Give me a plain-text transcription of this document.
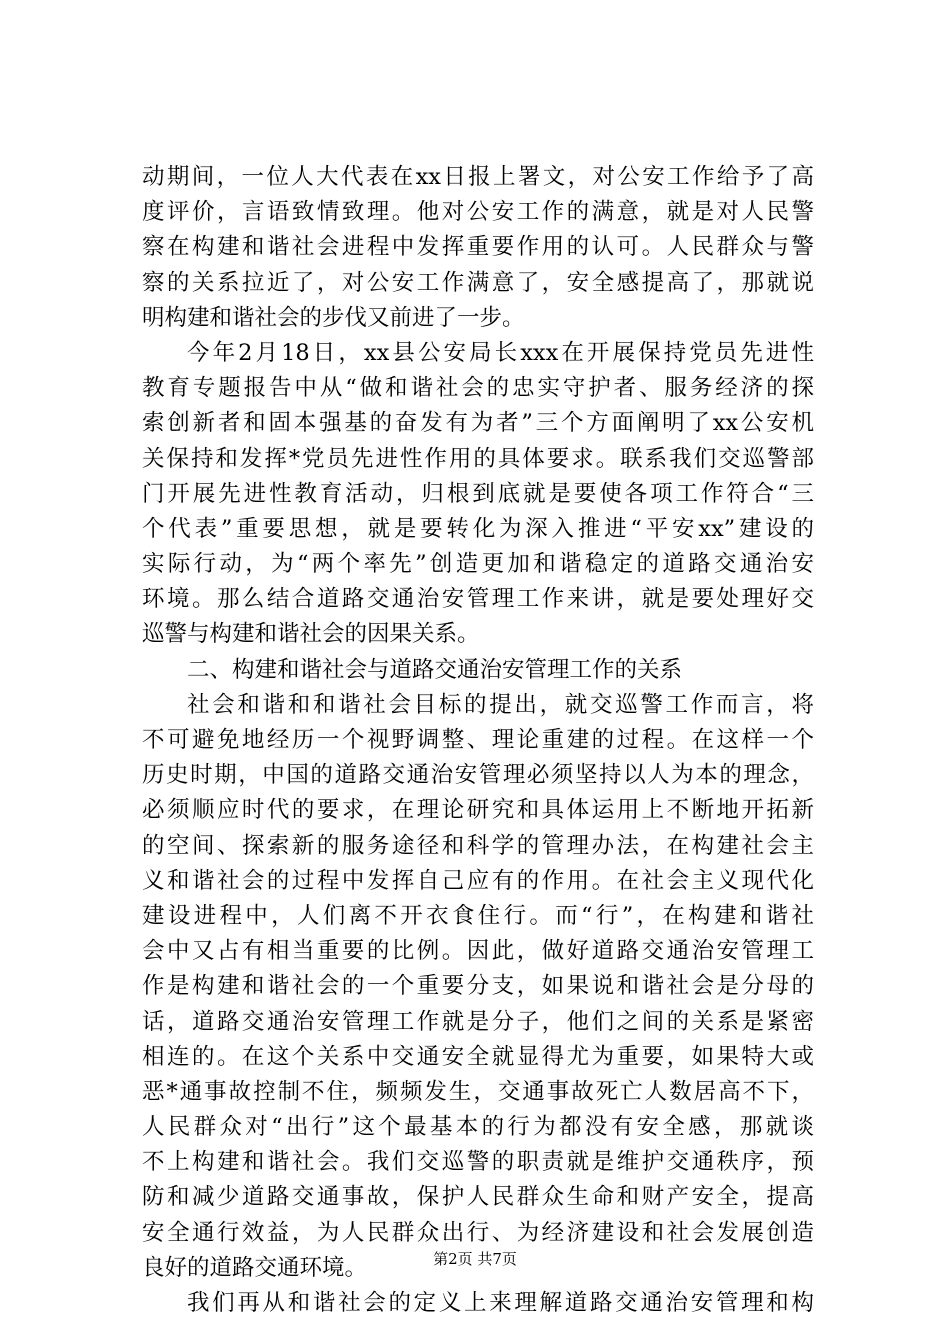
动期间，一位人大代表在xx日报上署文，对公安工作给予了高
度评价，言语致情致理。他对公安工作的满意，就是对人民警
察在构建和谐社会进程中发挥重要作用的认可。人民群众与警
察的关系拉近了，对公安工作满意了，安全感提高了，那就说
明构建和谐社会的步伐又前进了一步。
今年2月18日，xx县公安局长xxx在开展保持党员先进性
教育专题报告中从“做和谐社会的忠实守护者、服务经济的探
索创新者和固本强基的奋发有为者”三个方面阐明了xx公安机
关保持和发挥*党员先进性作用的具体要求。联系我们交巡警部
门开展先进性教育活动，归根到底就是要使各项工作符合“三
个代表”重要思想，就是要转化为深入推进“平安xx”建设的
实际行动，为“两个率先”创造更加和谐稳定的道路交通治安
环境。那么结合道路交通治安管理工作来讲，就是要处理好交
巡警与构建和谐社会的因果关系。
二、构建和谐社会与道路交通治安管理工作的关系
社会和谐和和谐社会目标的提出，就交巡警工作而言，将
不可避免地经历一个视野调整、理论重建的过程。在这样一个
历史时期，中国的道路交通治安管理必须坚持以人为本的理念，
必须顺应时代的要求，在理论研究和具体运用上不断地开拓新
的空间、探索新的服务途径和科学的管理办法，在构建社会主
义和谐社会的过程中发挥自己应有的作用。在社会主义现代化
建设进程中，人们离不开衣食住行。而“行”，在构建和谐社
会中又占有相当重要的比例。因此，做好道路交通治安管理工
作是构建和谐社会的一个重要分支，如果说和谐社会是分母的
话，道路交通治安管理工作就是分子，他们之间的关系是紧密
相连的。在这个关系中交通安全就显得尤为重要，如果特大或
恶*通事故控制不住，频频发生，交通事故死亡人数居高不下，
人民群众对“出行”这个最基本的行为都没有安全感，那就谈
不上构建和谐社会。我们交巡警的职责就是维护交通秩序，预
防和减少道路交通事故，保护人民群众生命和财产安全，提高
安全通行效益，为人民群众出行、为经济建设和社会发展创造
良好的道路交通环境。
我们再从和谐社会的定义上来理解道路交通治安管理和构
第2页 共7页
